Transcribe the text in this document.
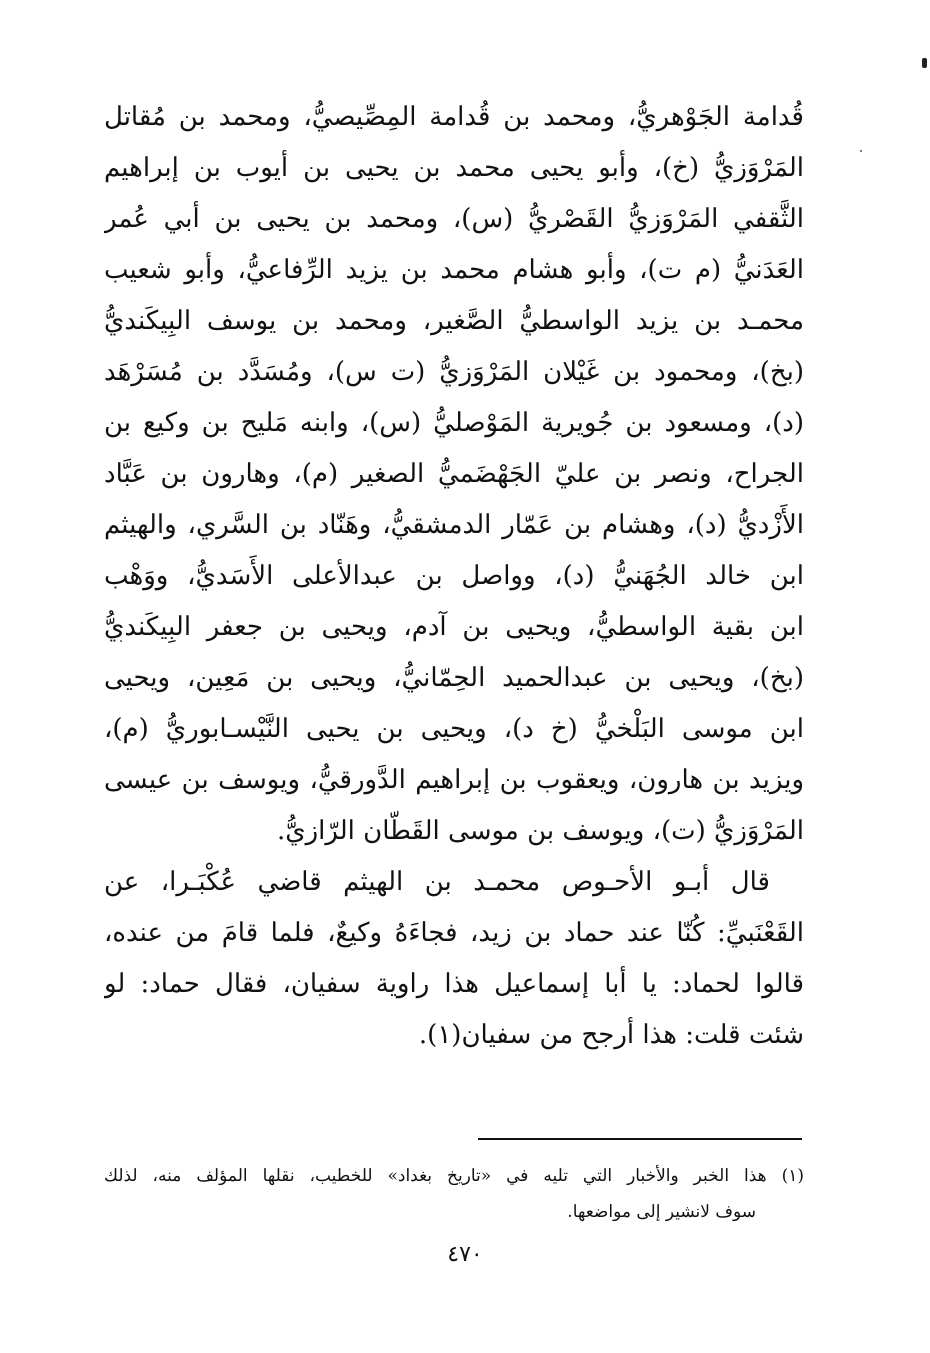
قُدامة الجَوْهريُّ، ومحمد بن قُدامة المِصِّيصيُّ، ومحمد بن مُقاتل
المَرْوَزيُّ (خ)، وأبو يحيى محمد بن يحيى بن أيوب بن إبراهيم
الثَّقفي المَرْوَزيُّ القَصْريُّ (س)، ومحمد بن يحيى بن أبي عُمر
العَدَنيُّ (م ت)، وأبو هشام محمد بن يزيد الرِّفاعيُّ، وأبو شعيب
محمـد بن يزيد الواسطيُّ الصَّغير، ومحمد بن يوسف البِيكَنديُّ
(بخ)، ومحمود بن غَيْلان المَرْوَزيُّ (ت س)، ومُسَدَّد بن مُسَرْهَد
(د)، ومسعود بن جُويرية المَوْصليُّ (س)، وابنه مَليح بن وكيع بن
الجراح، ونصر بن عليّ الجَهْضَميُّ الصغير (م)، وهارون بن عَبَّاد
الأَزْديُّ (د)، وهشام بن عَمّار الدمشقيُّ، وهَنّاد بن السَّري، والهيثم
ابن خالد الجُهَنيُّ (د)، وواصل بن عبدالأعلى الأَسَديُّ، ووَهْب
ابن بقية الواسطيُّ، ويحيى بن آدم، ويحيى بن جعفر البِيكَنديُّ
(بخ)، ويحيى بن عبدالحميد الحِمّانيُّ، ويحيى بن مَعِين، ويحيى
ابن موسى البَلْخيُّ (خ د)، ويحيى بن يحيى النَّيْسـابوريُّ (م)،
ويزيد بن هارون، ويعقوب بن إبراهيم الدَّورقيُّ، ويوسف بن عيسى
المَرْوَزيُّ (ت)، ويوسف بن موسى القَطّان الرّازيُّ.
قال أبـو الأحـوص محمـد بن الهيثم قاضي عُكْبَـرا، عن
القَعْنَبيِّ: كُنّا عند حماد بن زيد، فجاءَهُ وكيعٌ، فلما قامَ من عنده،
قالوا لحماد: يا أبا إسماعيل هذا راوية سفيان، فقال حماد: لو
شئت قلت: هذا أرجح من سفيان(١).
(١) هذا الخبر والأخبار التي تليه في «تاريخ بغداد» للخطيب، نقلها المؤلف منه، لذلك
سوف لانشير إلى مواضعها.
٤٧٠
